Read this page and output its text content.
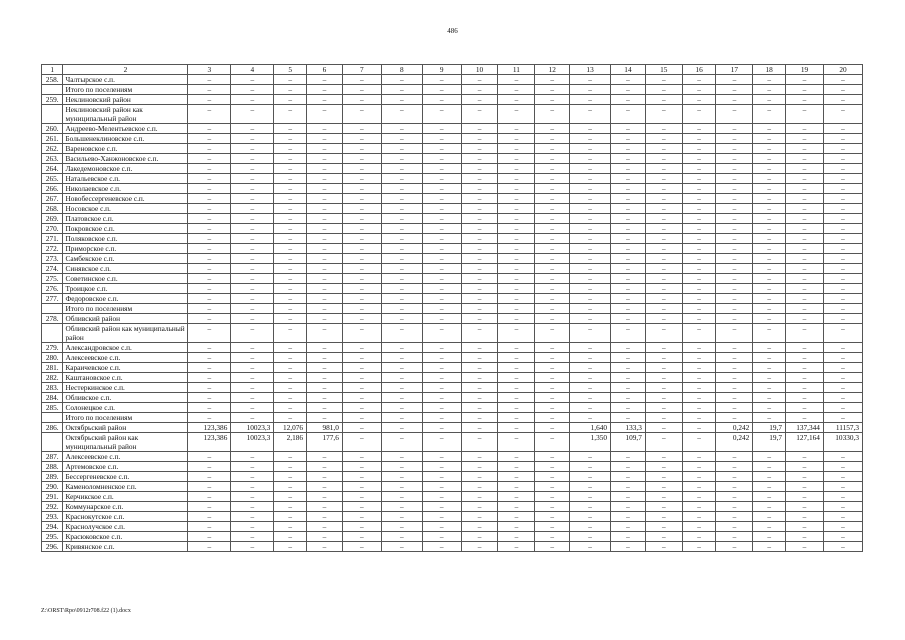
486
1	2	3	4	5	6	7	8	9	10	11	12	13	14	15	16	17	18	19	20
258.	Чалтырское с.п.	–	–	–	–	–	–	–	–	–	–	–	–	–	–	–	–	–	–
	Итого по поселениям	–	–	–	–	–	–	–	–	–	–	–	–	–	–	–	–	–	–
259.	Неклиновский район	–	–	–	–	–	–	–	–	–	–	–	–	–	–	–	–	–	–
	Неклиновский район как муниципальный район	–	–	–	–	–	–	–	–	–	–	–	–	–	–	–	–	–	–
260.	Андреево-Мелентьевское с.п.	–	–	–	–	–	–	–	–	–	–	–	–	–	–	–	–	–	–
261.	Большенеклиновское с.п.	–	–	–	–	–	–	–	–	–	–	–	–	–	–	–	–	–	–
262.	Вареновское с.п.	–	–	–	–	–	–	–	–	–	–	–	–	–	–	–	–	–	–
263.	Васильево-Ханжоновское с.п.	–	–	–	–	–	–	–	–	–	–	–	–	–	–	–	–	–	–
264.	Лакедемоновское с.п.	–	–	–	–	–	–	–	–	–	–	–	–	–	–	–	–	–	–
265.	Натальевское с.п.	–	–	–	–	–	–	–	–	–	–	–	–	–	–	–	–	–	–
266.	Николаевское с.п.	–	–	–	–	–	–	–	–	–	–	–	–	–	–	–	–	–	–
267.	Новобессергеневское с.п.	–	–	–	–	–	–	–	–	–	–	–	–	–	–	–	–	–	–
268.	Носовское с.п.	–	–	–	–	–	–	–	–	–	–	–	–	–	–	–	–	–	–
269.	Платовское с.п.	–	–	–	–	–	–	–	–	–	–	–	–	–	–	–	–	–	–
270.	Покровское с.п.	–	–	–	–	–	–	–	–	–	–	–	–	–	–	–	–	–	–
271.	Поляковское с.п.	–	–	–	–	–	–	–	–	–	–	–	–	–	–	–	–	–	–
272.	Приморское с.п.	–	–	–	–	–	–	–	–	–	–	–	–	–	–	–	–	–	–
273.	Самбекское с.п.	–	–	–	–	–	–	–	–	–	–	–	–	–	–	–	–	–	–
274.	Синявское с.п.	–	–	–	–	–	–	–	–	–	–	–	–	–	–	–	–	–	–
275.	Советинское с.п.	–	–	–	–	–	–	–	–	–	–	–	–	–	–	–	–	–	–
276.	Троицкое с.п.	–	–	–	–	–	–	–	–	–	–	–	–	–	–	–	–	–	–
277.	Федоровское с.п.	–	–	–	–	–	–	–	–	–	–	–	–	–	–	–	–	–	–
	Итого по поселениям	–	–	–	–	–	–	–	–	–	–	–	–	–	–	–	–	–	–
278.	Обливский район	–	–	–	–	–	–	–	–	–	–	–	–	–	–	–	–	–	–
	Обливский район как муниципальный район	–	–	–	–	–	–	–	–	–	–	–	–	–	–	–	–	–	–
279.	Александровское с.п.	–	–	–	–	–	–	–	–	–	–	–	–	–	–	–	–	–	–
280.	Алексеевское с.п.	–	–	–	–	–	–	–	–	–	–	–	–	–	–	–	–	–	–
281.	Караичевское с.п.	–	–	–	–	–	–	–	–	–	–	–	–	–	–	–	–	–	–
282.	Каштановское с.п.	–	–	–	–	–	–	–	–	–	–	–	–	–	–	–	–	–	–
283.	Нестеркинское с.п.	–	–	–	–	–	–	–	–	–	–	–	–	–	–	–	–	–	–
284.	Обливское с.п.	–	–	–	–	–	–	–	–	–	–	–	–	–	–	–	–	–	–
285.	Солонецкое с.п.	–	–	–	–	–	–	–	–	–	–	–	–	–	–	–	–	–	–
	Итого по поселениям	–	–	–	–	–	–	–	–	–	–	–	–	–	–	–	–	–	–
286.	Октябрьский район	123,386	10023,3	12,076	981,0	–	–	–	–	–	–	1,640	133,3	–	–	0,242	19,7	137,344	11157,3
	Октябрьский район как муниципальный район	123,386	10023,3	2,186	177,6	–	–	–	–	–	–	1,350	109,7	–	–	0,242	19,7	127,164	10330,3
287.	Алексеевское с.п.	–	–	–	–	–	–	–	–	–	–	–	–	–	–	–	–	–	–
288.	Артемовское с.п.	–	–	–	–	–	–	–	–	–	–	–	–	–	–	–	–	–	–
289.	Бессергеневское с.п.	–	–	–	–	–	–	–	–	–	–	–	–	–	–	–	–	–	–
290.	Каменоломненское г.п.	–	–	–	–	–	–	–	–	–	–	–	–	–	–	–	–	–	–
291.	Керчикское с.п.	–	–	–	–	–	–	–	–	–	–	–	–	–	–	–	–	–	–
292.	Коммунарское с.п.	–	–	–	–	–	–	–	–	–	–	–	–	–	–	–	–	–	–
293.	Краснокутское с.п.	–	–	–	–	–	–	–	–	–	–	–	–	–	–	–	–	–	–
294.	Краснолучское с.п.	–	–	–	–	–	–	–	–	–	–	–	–	–	–	–	–	–	–
295.	Красюковское с.п.	–	–	–	–	–	–	–	–	–	–	–	–	–	–	–	–	–	–
296.	Кривянское с.п.	–	–	–	–	–	–	–	–	–	–	–	–	–	–	–	–	–	–
Z:\ORST\Rpo\0912r708.f22 (1).docx
